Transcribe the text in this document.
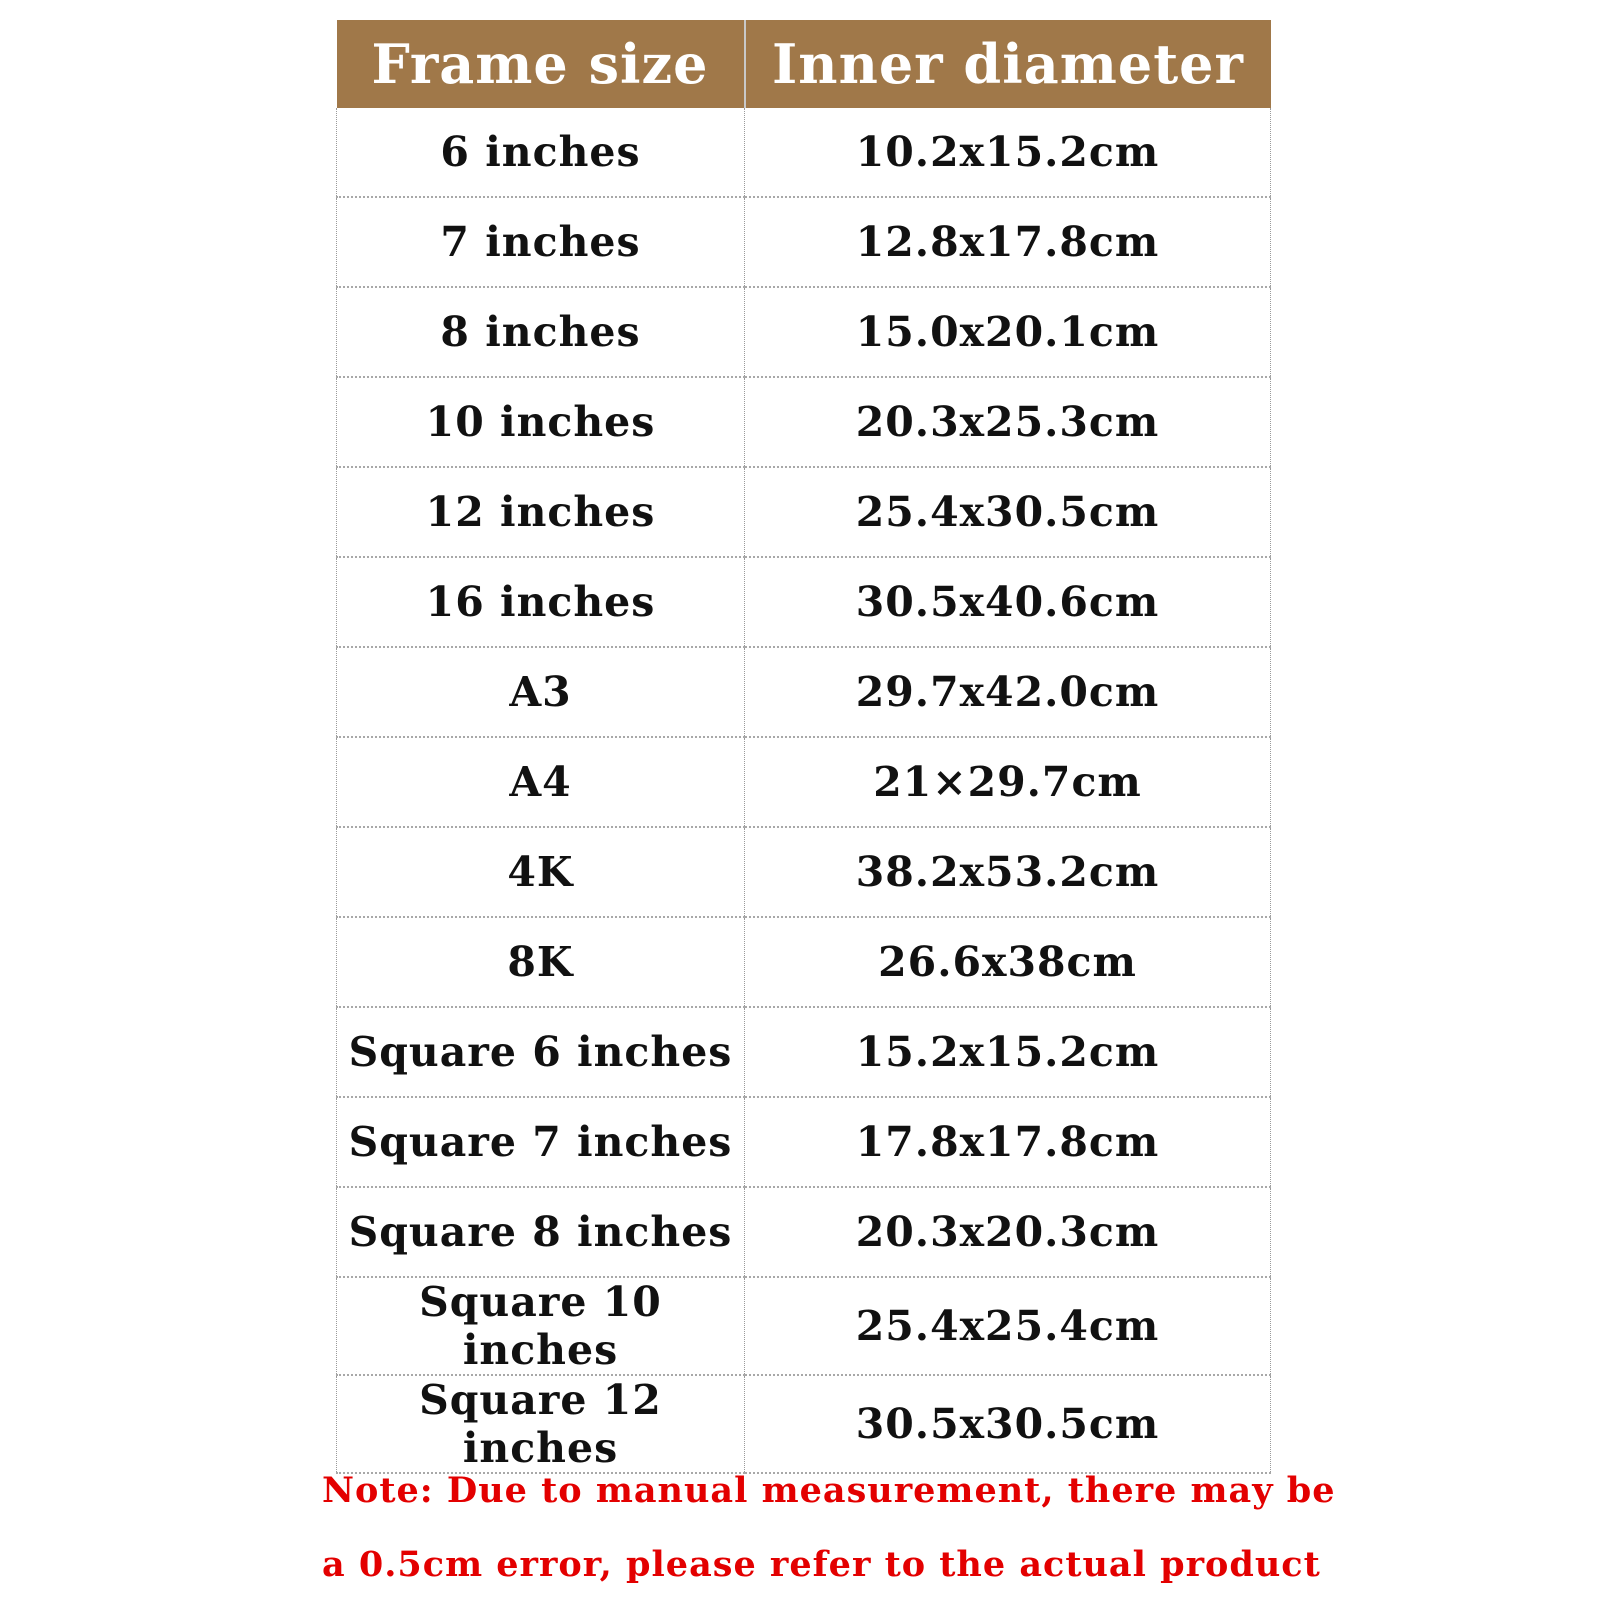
Frame size	Inner diameter
6 inches	10.2x15.2cm
7 inches	12.8x17.8cm
8 inches	15.0x20.1cm
10 inches	20.3x25.3cm
12 inches	25.4x30.5cm
16 inches	30.5x40.6cm
A3	29.7x42.0cm
A4	21×29.7cm
4K	38.2x53.2cm
8K	26.6x38cm
Square 6 inches	15.2x15.2cm
Square 7 inches	17.8x17.8cm
Square 8 inches	20.3x20.3cm
Square 10 inches	25.4x25.4cm
Square 12 inches	30.5x30.5cm
Note: Due to manual measurement, there may be
a 0.5cm error, please refer to the actual product
